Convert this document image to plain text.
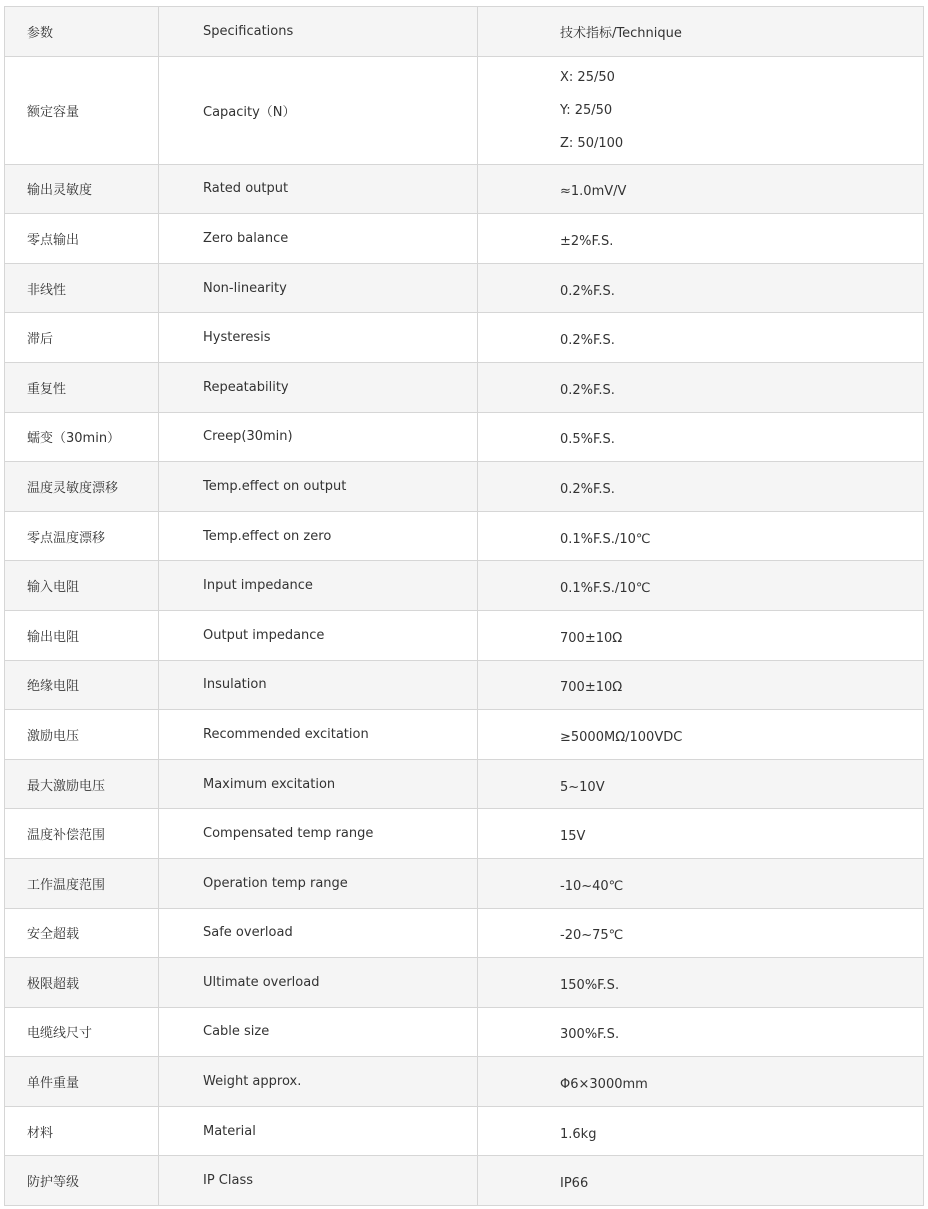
参数	Specifications	技术指标/Technique
额定容量	Capacity（N）	X: 25/50
Y: 25/50
Z: 50/100

输出灵敏度	Rated output	≈1.0mV/V
零点输出	Zero balance	±2%F.S.
非线性	Non-linearity	0.2%F.S.
滞后	Hysteresis	0.2%F.S.
重复性	Repeatability	0.2%F.S.
蠕变（30min）	Creep(30min)	0.5%F.S.
温度灵敏度漂移	Temp.effect on output	0.2%F.S.
零点温度漂移	Temp.effect on zero	0.1%F.S./10℃
输入电阻	Input impedance	0.1%F.S./10℃
输出电阻	Output impedance	700±10Ω
绝缘电阻	Insulation	700±10Ω
激励电压	Recommended excitation	≥5000MΩ/100VDC
最大激励电压	Maximum excitation	5~10V
温度补偿范围	Compensated temp range	15V
工作温度范围	Operation temp range	-10~40℃
安全超载	Safe overload	-20~75℃
极限超载	Ultimate overload	150%F.S.
电缆线尺寸	Cable size	300%F.S.
单件重量	Weight approx.	Φ6×3000mm
材料	Material	1.6kg
防护等级	IP Class	IP66
